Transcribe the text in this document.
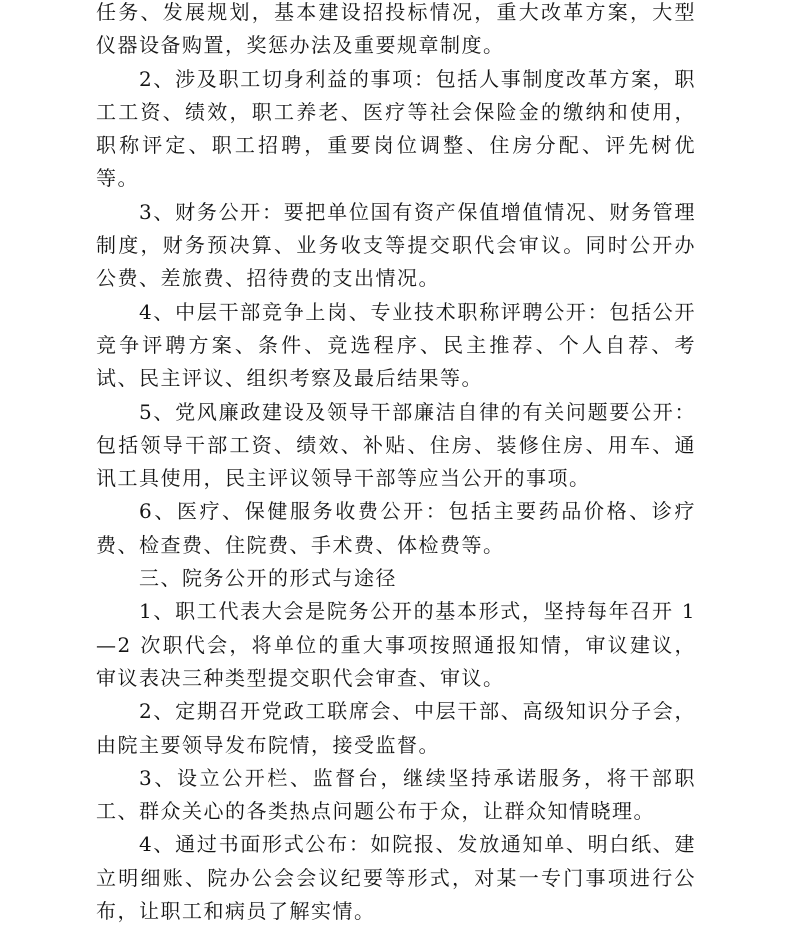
任务、发展规划，基本建设招投标情况，重大改革方案，大型仪器设备购置，奖惩办法及重要规章制度。

2、涉及职工切身利益的事项：包括人事制度改革方案，职工工资、绩效，职工养老、医疗等社会保险金的缴纳和使用，职称评定、职工招聘，重要岗位调整、住房分配、评先树优等。

3、财务公开：要把单位国有资产保值增值情况、财务管理制度，财务预决算、业务收支等提交职代会审议。同时公开办公费、差旅费、招待费的支出情况。

4、中层干部竞争上岗、专业技术职称评聘公开：包括公开竞争评聘方案、条件、竞选程序、民主推荐、个人自荐、考试、民主评议、组织考察及最后结果等。

5、党风廉政建设及领导干部廉洁自律的有关问题要公开：包括领导干部工资、绩效、补贴、住房、装修住房、用车、通讯工具使用，民主评议领导干部等应当公开的事项。

6、医疗、保健服务收费公开：包括主要药品价格、诊疗费、检查费、住院费、手术费、体检费等。

三、院务公开的形式与途径

1、职工代表大会是院务公开的基本形式，坚持每年召开 1—2 次职代会，将单位的重大事项按照通报知情，审议建议，审议表决三种类型提交职代会审查、审议。

2、定期召开党政工联席会、中层干部、高级知识分子会，由院主要领导发布院情，接受监督。

3、设立公开栏、监督台，继续坚持承诺服务，将干部职工、群众关心的各类热点问题公布于众，让群众知情晓理。

4、通过书面形式公布：如院报、发放通知单、明白纸、建立明细账、院办公会会议纪要等形式，对某一专门事项进行公布，让职工和病员了解实情。
